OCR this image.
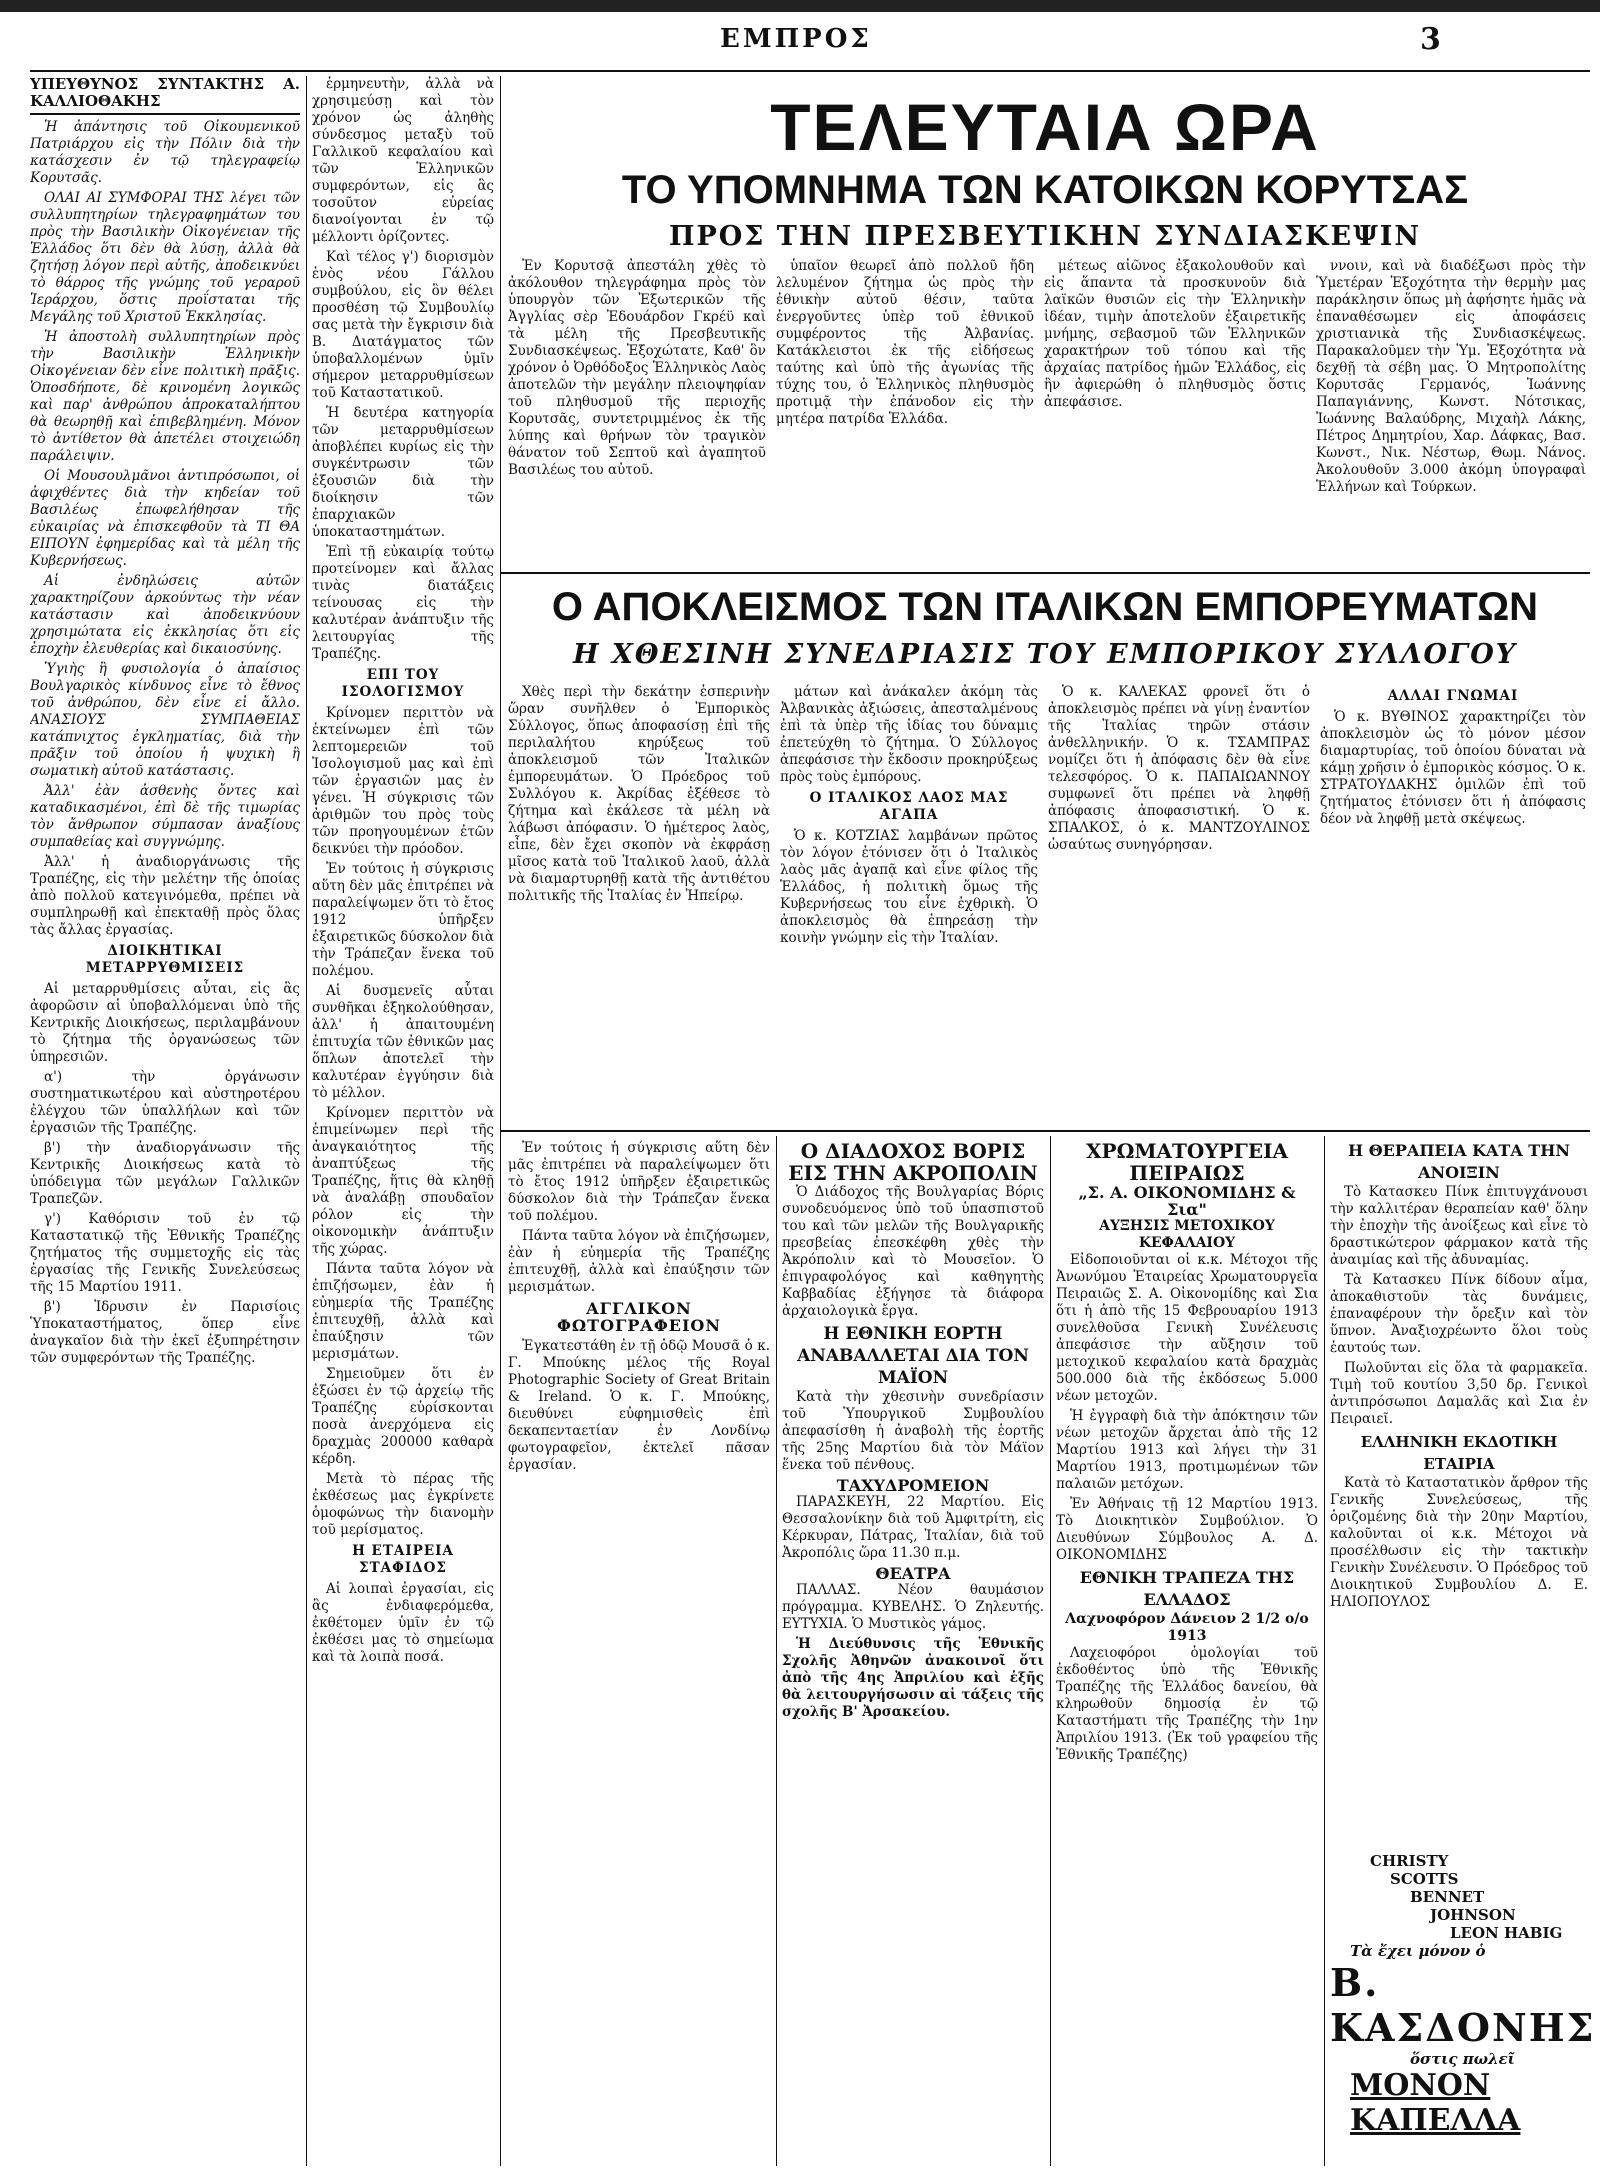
ΕΜΠΡΟΣ	3
ΥΠΕΥΘΥΝΟΣ ΣΥΝΤΑΚΤΗΣ Α. ΚΑΛΛΙΟΘΑΚΗΣ

Ἡ ἀπάντησις τοῦ Οἰκουμενικοῦ Πατριάρχου εἰς τὴν Πόλιν διὰ τὴν κατάσχεσιν ἐν τῷ τηλεγραφείῳ Κορυτσᾶς.

ΟΛΑΙ ΑΙ ΣΥΜΦΟΡΑΙ ΤΗΣ λέγει τῶν συλλυπητηρίων τηλεγραφημάτων του πρὸς τὴν Βασιλικὴν Οἰκογένειαν τῆς Ἑλλάδος ὅτι δὲν θὰ λύσῃ, ἀλλὰ θὰ ζητήσῃ λόγον περὶ αὐτῆς, ἀποδεικνύει τὸ θάρρος τῆς γνώμης τοῦ γεραροῦ Ἱεράρχου, ὅστις προΐσταται τῆς Μεγάλης τοῦ Χριστοῦ Ἐκκλησίας.

Ἡ ἀποστολὴ συλλυπητηρίων πρὸς τὴν Βασιλικὴν Ἑλληνικὴν Οἰκογένειαν δὲν εἶνε πολιτικὴ πρᾶξις. Ὁποσδήποτε, δὲ κρινομένη λογικῶς καὶ παρ' ἀνθρώπου ἀπροκαταλήπτου θὰ θεωρηθῇ καὶ ἐπιβεβλημένη. Μόνον τὸ ἀντίθετον θὰ ἀπετέλει στοιχειώδη παράλειψιν.

Οἱ Μουσουλμᾶνοι ἀντιπρόσωποι, οἱ ἀφιχθέντες διὰ τὴν κηδείαν τοῦ Βασιλέως ἐπωφελήθησαν τῆς εὐκαιρίας νὰ ἐπισκεφθοῦν τὰ ΤΙ ΘΑ ΕΙΠΟΥΝ ἐφημερίδας καὶ τὰ μέλη τῆς Κυβερνήσεως.

Αἱ ἐνδηλώσεις αὐτῶν χαρακτηρίζουν ἀρκούντως τὴν νέαν κατάστασιν καὶ ἀποδεικνύουν χρησιμώτατα εἰς ἐκκλησίας ὅτι εἰς ἐποχὴν ἐλευθερίας καὶ δικαιοσύνης.

Ὑγιὴς ἢ φυσιολογία ὁ ἀπαίσιος Βουλγαρικὸς κίνδυνος εἶνε τὸ ἔθνος τοῦ ἀνθρώπου, δὲν εἶνε εἰ ἄλλο. ΑΝΑΣΙΟΥΣ ΣΥΜΠΑΘΕΙΑΣ κατάπνιχτος ἐγκληματίας, διὰ τὴν πρᾶξιν τοῦ ὁποίου ἡ ψυχικὴ ἢ σωματικὴ αὐτοῦ κατάστασις.

Ἀλλ' ἐὰν ἀσθενὴς ὄντες καὶ καταδικασμένοι, ἐπὶ δὲ τῆς τιμωρίας τὸν ἄνθρωπον σύμπασαν ἀναξίους συμπαθείας καὶ συγγνώμης.

Ἀλλ' ἡ ἀναδιοργάνωσις τῆς Τραπέζης, εἰς τὴν μελέτην τῆς ὁποίας ἀπὸ πολλοῦ κατεγινόμεθα, πρέπει νὰ συμπληρωθῇ καὶ ἐπεκταθῇ πρὸς ὅλας τὰς ἄλλας ἐργασίας.

ΔΙΟΙΚΗΤΙΚΑΙ ΜΕΤΑΡΡΥΘΜΙΣΕΙΣ

Αἱ μεταρρυθμίσεις αὗται, εἰς ἃς ἀφορῶσιν αἱ ὑποβαλλόμεναι ὑπὸ τῆς Κεντρικῆς Διοικήσεως, περιλαμβάνουν τὸ ζήτημα τῆς ὀργανώσεως τῶν ὑπηρεσιῶν.

α') τὴν ὀργάνωσιν συστηματικωτέρου καὶ αὐστηροτέρου ἐλέγχου τῶν ὑπαλλήλων καὶ τῶν ἐργασιῶν τῆς Τραπέζης.

β') τὴν ἀναδιοργάνωσιν τῆς Κεντρικῆς Διοικήσεως κατὰ τὸ ὑπόδειγμα τῶν μεγάλων Γαλλικῶν Τραπεζῶν.

γ') Καθόρισιν τοῦ ἐν τῷ Καταστατικῷ τῆς Ἐθνικῆς Τραπέζης ζητήματος τῆς συμμετοχῆς εἰς τὰς ἐργασίας τῆς Γενικῆς Συνελεύσεως τῆς 15 Μαρτίου 1911.

β') Ἱδρυσιν ἐν Παρισίοις Ὑποκαταστήματος, ὅπερ εἶνε ἀναγκαῖον διὰ τὴν ἐκεῖ ἐξυπηρέτησιν τῶν συμφερόντων τῆς Τραπέζης.

ἑρμηνευτὴν, ἀλλὰ νὰ χρησιμεύσῃ καὶ τὸν χρόνον ὡς ἀληθὴς σύνδεσμος μεταξὺ τοῦ Γαλλικοῦ κεφαλαίου καὶ τῶν Ἑλληνικῶν συμφερόντων, εἰς ἃς τοσοῦτον εὐρείας διανοίγονται ἐν τῷ μέλλοντι ὁρίζοντες.

Καὶ τέλος γ') διορισμὸν ἑνὸς νέου Γάλλου συμβούλου, εἰς ὃν θέλει προσθέση τῷ Συμβουλίῳ σας μετὰ τὴν ἔγκρισιν διὰ Β. Διατάγματος τῶν ὑποβαλλομένων ὑμῖν σήμερον μεταρρυθμίσεων τοῦ Καταστατικοῦ.

Ἡ δευτέρα κατηγορία τῶν μεταρρυθμίσεων ἀποβλέπει κυρίως εἰς τὴν συγκέντρωσιν τῶν ἐξουσιῶν διὰ τὴν διοίκησιν τῶν ἐπαρχιακῶν ὑποκαταστημάτων.

Ἐπὶ τῇ εὐκαιρίᾳ τούτῳ προτείνομεν καὶ ἄλλας τινὰς διατάξεις τείνουσας εἰς τὴν καλυτέραν ἀνάπτυξιν τῆς λειτουργίας τῆς Τραπέζης.

ΕΠΙ ΤΟΥ ΙΣΟΛΟΓΙΣΜΟΥ

Κρίνομεν περιττὸν νὰ ἐκτείνωμεν ἐπὶ τῶν λεπτομερειῶν τοῦ Ἰσολογισμοῦ μας καὶ ἐπὶ τῶν ἐργασιῶν μας ἐν γένει. Ἡ σύγκρισις τῶν ἀριθμῶν του πρὸς τοὺς τῶν προηγουμένων ἐτῶν δεικνύει τὴν πρόοδον.

Ἐν τούτοις ἡ σύγκρισις αὕτη δὲν μᾶς ἐπιτρέπει νὰ παραλείψωμεν ὅτι τὸ ἔτος 1912 ὑπῆρξεν ἐξαιρετικῶς δύσκολον διὰ τὴν Τράπεζαν ἕνεκα τοῦ πολέμου.

Αἱ δυσμενεῖς αὗται συνθῆκαι ἐξηκολούθησαν, ἀλλ' ἡ ἀπαιτουμένη ἐπιτυχία τῶν ἐθνικῶν μας ὅπλων ἀποτελεῖ τὴν καλυτέραν ἐγγύησιν διὰ τὸ μέλλον.

Κρίνομεν περιττὸν νὰ ἐπιμείνωμεν περὶ τῆς ἀναγκαιότητος τῆς ἀναπτύξεως τῆς Τραπέζης, ἥτις θὰ κληθῇ νὰ ἀναλάβῃ σπουδαῖον ρόλον εἰς τὴν οἰκονομικὴν ἀνάπτυξιν τῆς χώρας.

Πάντα ταῦτα λόγον νὰ ἐπιζήσωμεν, ἐὰν ἡ εὐημερία τῆς Τραπέζης ἐπιτευχθῇ, ἀλλὰ καὶ ἐπαύξησιν τῶν μερισμάτων.

Σημειοῦμεν ὅτι ἐν ἐξώσει ἐν τῷ ἀρχείῳ τῆς Τραπέζης εὑρίσκονται ποσὰ ἀνερχόμενα εἰς δραχμὰς 200000 καθαρὰ κέρδη.

Μετὰ τὸ πέρας τῆς ἐκθέσεως μας ἐγκρίνετε ὁμοφώνως τὴν διανομὴν τοῦ μερίσματος.

Η ΕΤΑΙΡΕΙΑ ΣΤΑΦΙΔΟΣ

Αἱ λοιπαὶ ἐργασίαι, εἰς ἃς ἐνδιαφερόμεθα, ἐκθέτομεν ὑμῖν ἐν τῷ ἐκθέσει μας τὸ σημείωμα καὶ τὰ λοιπὰ ποσά.

ΤΕΛΕΥΤΑΙΑ ΩΡΑ
ΤΟ ΥΠΟΜΝΗΜΑ ΤΩΝ ΚΑΤΟΙΚΩΝ ΚΟΡΥΤΣΑΣ
ΠΡΟΣ ΤΗΝ ΠΡΕΣΒΕΥΤΙΚΗΝ ΣΥΝΔΙΑΣΚΕΨΙΝ

Ἐν Κορυτσᾷ ἀπεστάλη χθὲς τὸ ἀκόλουθον τηλεγράφημα πρὸς τὸν ὑπουργὸν τῶν Ἐξωτερικῶν τῆς Ἀγγλίας σὲρ Ἐδουάρδον Γκρέϋ καὶ τὰ μέλη τῆς Πρεσβευτικῆς Συνδιασκέψεως. Ἐξοχώτατε, Καθ' ὃν χρόνον ὁ Ὀρθόδοξος Ἑλληνικὸς Λαὸς ἀποτελῶν τὴν μεγάλην πλειοψηφίαν τοῦ πληθυσμοῦ τῆς περιοχῆς Κορυτσᾶς, συντετριμμένος ἐκ τῆς λύπης καὶ θρήνων τὸν τραγικὸν θάνατον τοῦ Σεπτοῦ καὶ ἀγαπητοῦ Βασιλέως του αὐτοῦ.

ὑπαῖον θεωρεῖ ἀπὸ πολλοῦ ἤδη λελυμένον ζήτημα ὡς πρὸς τὴν ἐθνικὴν αὐτοῦ θέσιν, ταῦτα ἐνεργοῦντες ὑπὲρ τοῦ ἐθνικοῦ συμφέροντος τῆς Ἀλβανίας. Κατάκλειστοι ἐκ τῆς εἰδήσεως ταύτης καὶ ὑπὸ τῆς ἀγωνίας τῆς τύχης του, ὁ Ἑλληνικὸς πληθυσμὸς προτιμᾷ τὴν ἐπάνοδον εἰς τὴν μητέρα πατρίδα Ἑλλάδα.

μέτεως αἰῶνος ἐξακολουθοῦν καὶ εἰς ἅπαντα τὰ προσκυνοῦν διὰ λαϊκῶν θυσιῶν εἰς τὴν Ἑλληνικὴν ἰδέαν, τιμὴν ἀποτελοῦν ἐξαιρετικῆς μνήμης, σεβασμοῦ τῶν Ἑλληνικῶν χαρακτήρων τοῦ τόπου καὶ τῆς ἀρχαίας πατρίδος ἡμῶν Ἑλλάδος, εἰς ἣν ἀφιερώθη ὁ πληθυσμὸς ὅστις ἀπεφάσισε.

ννοιν, καὶ νὰ διαδέξωσι πρὸς τὴν Ὑμετέραν Ἐξοχότητα τὴν θερμὴν μας παράκλησιν ὅπως μὴ ἀφήσητε ἡμᾶς νὰ ἐπαναθέσωμεν εἰς ἀποφάσεις χριστιανικὰ τῆς Συνδιασκέψεως. Παρακαλοῦμεν τὴν Ὑμ. Ἐξοχότητα νὰ δεχθῇ τὰ σέβη μας. Ὁ Μητροπολίτης Κορυτσᾶς Γερμανός, Ἰωάννης Παπαγιάννης, Κωνστ. Νότσικας, Ἰωάννης Βαλαύδρης, Μιχαὴλ Λάκης, Πέτρος Δημητρίου, Χαρ. Δάφκας, Βασ. Κωνστ., Νικ. Νέστωρ, Θωμ. Νάνος. Ἀκολουθοῦν 3.000 ἀκόμη ὑπογραφαὶ Ἑλλήνων καὶ Τούρκων.

Ο ΑΠΟΚΛΕΙΣΜΟΣ ΤΩΝ ΙΤΑΛΙΚΩΝ ΕΜΠΟΡΕΥΜΑΤΩΝ
Η ΧΘΕΣΙΝΗ ΣΥΝΕΔΡΙΑΣΙΣ ΤΟΥ ΕΜΠΟΡΙΚΟΥ ΣΥΛΛΟΓΟΥ

Χθὲς περὶ τὴν δεκάτην ἑσπερινὴν ὥραν συνῆλθεν ὁ Ἐμπορικὸς Σύλλογος, ὅπως ἀποφασίσῃ ἐπὶ τῆς περιλαλήτου κηρύξεως τοῦ ἀποκλεισμοῦ τῶν Ἰταλικῶν ἐμπορευμάτων. Ὁ Πρόεδρος τοῦ Συλλόγου κ. Ἀκρίδας ἐξέθεσε τὸ ζήτημα καὶ ἐκάλεσε τὰ μέλη νὰ λάβωσι ἀπόφασιν. Ὁ ἡμέτερος λαὸς, εἶπε, δὲν ἔχει σκοπὸν νὰ ἐκφράσῃ μῖσος κατὰ τοῦ Ἰταλικοῦ λαοῦ, ἀλλὰ νὰ διαμαρτυρηθῇ κατὰ τῆς ἀντιθέτου πολιτικῆς τῆς Ἰταλίας ἐν Ἠπείρῳ.

μάτων καὶ ἀνάκαλεν ἀκόμη τὰς Ἀλβανικὰς ἀξιώσεις, ἀπεσταλμένους ἐπὶ τὰ ὑπὲρ τῆς ἰδίας του δύναμις ἐπετεύχθη τὸ ζήτημα. Ὁ Σύλλογος ἀπεφάσισε τὴν ἔκδοσιν προκηρύξεως πρὸς τοὺς ἐμπόρους.

Ο ΙΤΑΛΙΚΟΣ ΛΑΟΣ ΜΑΣ ΑΓΑΠΑ

Ὁ κ. ΚΟΤΖΙΑΣ λαμβάνων πρῶτος τὸν λόγον ἐτόνισεν ὅτι ὁ Ἰταλικὸς λαὸς μᾶς ἀγαπᾷ καὶ εἶνε φίλος τῆς Ἑλλάδος, ἡ πολιτικὴ ὅμως τῆς Κυβερνήσεως του εἶνε ἐχθρικὴ. Ὁ ἀποκλεισμὸς θὰ ἐπηρεάσῃ τὴν κοινὴν γνώμην εἰς τὴν Ἰταλίαν.

Ὁ κ. ΚΑΛΕΚΑΣ φρονεῖ ὅτι ὁ ἀποκλεισμὸς πρέπει νὰ γίνῃ ἐναντίον τῆς Ἰταλίας τηρῶν στάσιν ἀνθελληνικήν. Ὁ κ. ΤΣΑΜΠΡΑΣ νομίζει ὅτι ἡ ἀπόφασις δὲν θὰ εἶνε τελεσφόρος. Ὁ κ. ΠΑΠΑΙΩΑΝΝΟΥ συμφωνεῖ ὅτι πρέπει νὰ ληφθῇ ἀπόφασις ἀποφασιστική. Ὁ κ. ΣΠΑΛΚΟΣ, ὁ κ. ΜΑΝΤΖΟΥΛΙΝΟΣ ὡσαύτως συνηγόρησαν.

ΑΛΛΑΙ ΓΝΩΜΑΙ

Ὁ κ. ΒΥΘΙΝΟΣ χαρακτηρίζει τὸν ἀποκλεισμὸν ὡς τὸ μόνον μέσον διαμαρτυρίας, τοῦ ὁποίου δύναται νὰ κάμῃ χρῆσιν ὁ ἐμπορικὸς κόσμος. Ὁ κ. ΣΤΡΑΤΟΥΔΑΚΗΣ ὁμιλῶν ἐπὶ τοῦ ζητήματος ἐτόνισεν ὅτι ἡ ἀπόφασις δέον νὰ ληφθῇ μετὰ σκέψεως.

Ἐν τούτοις ἡ σύγκρισις αὕτη δὲν μᾶς ἐπιτρέπει νὰ παραλείψωμεν ὅτι τὸ ἔτος 1912 ὑπῆρξεν ἐξαιρετικῶς δύσκολον διὰ τὴν Τράπεζαν ἕνεκα τοῦ πολέμου.

Πάντα ταῦτα λόγον νὰ ἐπιζήσωμεν, ἐὰν ἡ εὐημερία τῆς Τραπέζης ἐπιτευχθῇ, ἀλλὰ καὶ ἐπαύξησιν τῶν μερισμάτων.

ΑΓΓΛΙΚΟΝ ΦΩΤΟΓΡΑΦΕΙΟΝ

Ἐγκατεστάθη ἐν τῇ ὁδῷ Μουσᾶ ὁ κ. Γ. Μπούκης μέλος τῆς Royal Photographic Society of Great Britain & Ireland. Ὁ κ. Γ. Μπούκης, διευθύνει εὐφημισθεὶς ἐπὶ δεκαπενταετίαν ἐν Λονδίνῳ φωτογραφεῖον, ἐκτελεῖ πᾶσαν ἐργασίαν.

Ο ΔΙΑΔΟΧΟΣ ΒΟΡΙΣ ΕΙΣ ΤΗΝ ΑΚΡΟΠΟΛΙΝ

Ὁ Διάδοχος τῆς Βουλγαρίας Βόρις συνοδευόμενος ὑπὸ τοῦ ὑπασπιστοῦ του καὶ τῶν μελῶν τῆς Βουλγαρικῆς πρεσβείας ἐπεσκέφθη χθὲς τὴν Ἀκρόπολιν καὶ τὸ Μουσεῖον. Ὁ ἐπιγραφολόγος καὶ καθηγητὴς Καββαδίας ἐξήγησε τὰ διάφορα ἀρχαιολογικὰ ἔργα.

Η ΕΘΝΙΚΗ ΕΟΡΤΗ ΑΝΑΒΑΛΛΕΤΑΙ ΔΙΑ ΤΟΝ ΜΑΪΟΝ

Κατὰ τὴν χθεσινὴν συνεδρίασιν τοῦ Ὑπουργικοῦ Συμβουλίου ἀπεφασίσθη ἡ ἀναβολὴ τῆς ἑορτῆς τῆς 25ης Μαρτίου διὰ τὸν Μάϊον ἕνεκα τοῦ πένθους.

ΤΑΧΥΔΡΟΜΕΙΟΝ

ΠΑΡΑΣΚΕΥΗ, 22 Μαρτίου. Εἰς Θεσσαλονίκην διὰ τοῦ Ἀμφιτρίτη, εἰς Κέρκυραν, Πάτρας, Ἰταλίαν, διὰ τοῦ Ἀκροπόλις ὥρα 11.30 π.μ.

ΘΕΑΤΡΑ

ΠΑΛΛΑΣ. Νέον θαυμάσιον πρόγραμμα. ΚΥΒΕΛΗΣ. Ὁ Ζηλευτής. ΕΥΤΥΧΙΑ. Ὁ Μυστικὸς γάμος.

Ἡ Διεύθυνσις τῆς Ἐθνικῆς Σχολῆς Ἀθηνῶν ἀνακοινοῖ ὅτι ἀπὸ τῆς 4ης Ἀπριλίου καὶ ἑξῆς θὰ λειτουργήσωσιν αἱ τάξεις τῆς σχολῆς Β' Ἀρσακείου.

ΧΡΩΜΑΤΟΥΡΓΕΙΑ ΠΕΙΡΑΙΩΣ
„Σ. Α. ΟΙΚΟΝΟΜΙΔΗΣ & Σια"
ΑΥΞΗΣΙΣ ΜΕΤΟΧΙΚΟΥ ΚΕΦΑΛΑΙΟΥ

Εἰδοποιοῦνται οἱ κ.κ. Μέτοχοι τῆς Ἀνωνύμου Ἑταιρείας Χρωματουργεῖα Πειραιῶς Σ. Α. Οἰκονομίδης καὶ Σια ὅτι ἡ ἀπὸ τῆς 15 Φεβρουαρίου 1913 συνελθοῦσα Γενικὴ Συνέλευσις ἀπεφάσισε τὴν αὔξησιν τοῦ μετοχικοῦ κεφαλαίου κατὰ δραχμὰς 500.000 διὰ τῆς ἐκδόσεως 5.000 νέων μετοχῶν.

Ἡ ἐγγραφὴ διὰ τὴν ἀπόκτησιν τῶν νέων μετοχῶν ἄρχεται ἀπὸ τῆς 12 Μαρτίου 1913 καὶ λήγει τὴν 31 Μαρτίου 1913, προτιμωμένων τῶν παλαιῶν μετόχων.

Ἐν Ἀθήναις τῇ 12 Μαρτίου 1913. Τὸ Διοικητικὸν Συμβούλιον. Ὁ Διευθύνων Σύμβουλος Α. Δ. ΟΙΚΟΝΟΜΙΔΗΣ

ΕΘΝΙΚΗ ΤΡΑΠΕΖΑ ΤΗΣ ΕΛΛΑΔΟΣ
Λαχνοφόρον Δάνειον 2 1/2 ο/ο 1913

Λαχειοφόροι ὁμολογίαι τοῦ ἐκδοθέντος ὑπὸ τῆς Ἐθνικῆς Τραπέζης τῆς Ἑλλάδος δανείου, θὰ κληρωθοῦν δημοσίᾳ ἐν τῷ Καταστήματι τῆς Τραπέζης τὴν 1ην Ἀπριλίου 1913. (Ἐκ τοῦ γραφείου τῆς Ἐθνικῆς Τραπέζης)

Η ΘΕΡΑΠΕΙΑ ΚΑΤΑ ΤΗΝ ΑΝΟΙΞΙΝ

Τὸ Κατασκευ Πίνκ ἐπιτυγχάνουσι τὴν καλλιτέραν θεραπείαν καθ' ὅλην τὴν ἐποχὴν τῆς ἀνοίξεως καὶ εἶνε τὸ δραστικώτερον φάρμακον κατὰ τῆς ἀναιμίας καὶ τῆς ἀδυναμίας.

Τὰ Κατασκευ Πίνκ δίδουν αἷμα, ἀποκαθιστοῦν τὰς δυνάμεις, ἐπαναφέρουν τὴν ὄρεξιν καὶ τὸν ὕπνον. Ἀναξιοχρέωντο ὅλοι τοὺς ἑαυτούς των.

Πωλοῦνται εἰς ὅλα τὰ φαρμακεῖα. Τιμὴ τοῦ κουτίου 3,50 δρ. Γενικοὶ ἀντιπρόσωποι Δαμαλᾶς καὶ Σια ἐν Πειραιεῖ.

ΕΛΛΗΝΙΚΗ ΕΚΔΟΤΙΚΗ ΕΤΑΙΡΙΑ

Κατὰ τὸ Καταστατικὸν ἄρθρον τῆς Γενικῆς Συνελεύσεως, τῆς ὁριζομένης διὰ τὴν 20ην Μαρτίου, καλοῦνται οἱ κ.κ. Μέτοχοι νὰ προσέλθωσιν εἰς τὴν τακτικὴν Γενικὴν Συνέλευσιν. Ὁ Πρόεδρος τοῦ Διοικητικοῦ Συμβουλίου Δ. Ε. ΗΛΙΟΠΟΥΛΟΣ

CHRISTY
SCOTTS
BENNET
JOHNSON
LEON HABIG
Τὰ ἔχει μόνον ὁ
Β. ΚΑΣΔΟΝΗΣ
ὅστις πωλεῖ
ΜΟΝΟΝ ΚΑΠΕΛΛΑ
